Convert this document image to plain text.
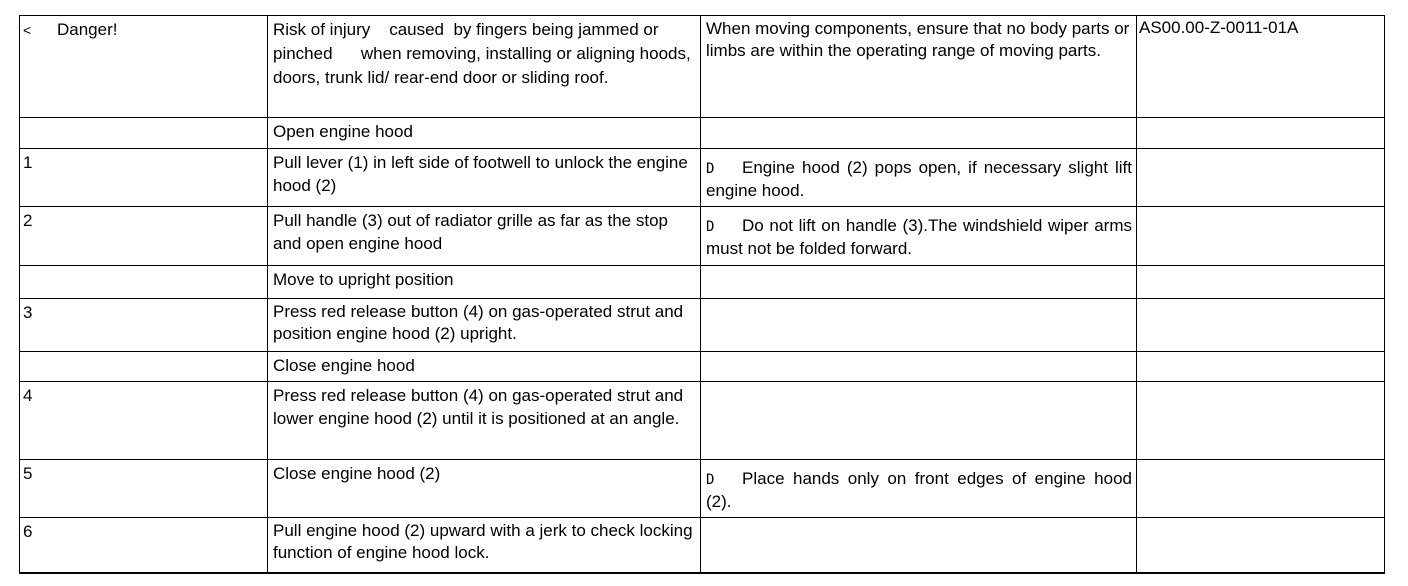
< Danger!	Risk of injury    caused  by fingers being jammed or pinched      when removing, installing or aligning hoods, doors, trunk lid/ rear-end door or sliding roof.	When moving components, ensure that no body parts or limbs are within the operating range of moving parts.	AS00.00-Z-0011-01A
	Open engine hood		
1	Pull lever (1) in left side of footwell to unlock the engine hood (2)	D Engine hood (2) pops open, if necessary slight lift engine hood.	

2	Pull handle (3) out of radiator grille as far as the stop and open engine hood	D Do not lift on handle (3).The windshield wiper arms must not be folded forward.	

	Move to upright position		
3	Press red release button (4) on gas-operated strut and position engine hood (2) upright.		
	Close engine hood		
4	Press red release button (4) on gas-operated strut and lower engine hood (2) until it is positioned at an angle.		
5	Close engine hood (2)	D Place hands only on front edges of engine hood (2).	

6	Pull engine hood (2) upward with a jerk to check locking function of engine hood lock.		
